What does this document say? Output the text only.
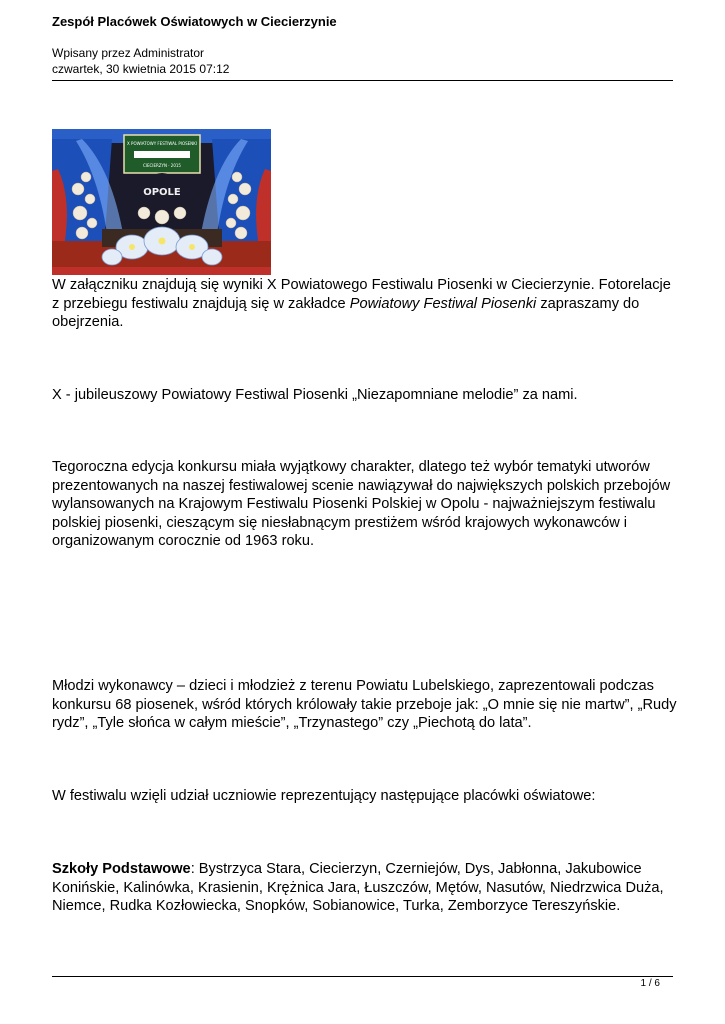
Zespół Placówek Oświatowych w Ciecierzynie
Wpisany przez Administrator
czwartek, 30 kwietnia 2015 07:12
X POWIATOWY FESTIWAL PIOSENKI
CIECIERZYN · 2015
OPOLE

W załączniku znajdują się wyniki X Powiatowego Festiwalu Piosenki w Ciecierzynie. Fotorelacje z przebiegu festiwalu znajdują się w zakładce Powiatowy Festiwal Piosenki zapraszamy do obejrzenia.

X - jubileuszowy Powiatowy Festiwal Piosenki „Niezapomniane melodie” za nami.

Tegoroczna edycja konkursu miała wyjątkowy charakter, dlatego też wybór tematyki utworów prezentowanych na naszej festiwalowej scenie nawiązywał do największych polskich przebojów wylansowanych na Krajowym Festiwalu Piosenki Polskiej w Opolu - najważniejszym festiwalu polskiej piosenki, cieszącym się niesłabnącym prestiżem wśród krajowych wykonawców i organizowanym corocznie od 1963 roku.

Młodzi wykonawcy – dzieci i młodzież z terenu Powiatu Lubelskiego, zaprezentowali podczas konkursu 68 piosenek, wśród których królowały takie przeboje jak: „O mnie się nie martw”, „Rudy rydz”, „Tyle słońca w całym mieście”, „Trzynastego” czy „Piechotą do lata”.

W festiwalu wzięli udział uczniowie reprezentujący następujące placówki oświatowe:

Szkoły Podstawowe: Bystrzyca Stara, Ciecierzyn, Czerniejów, Dys, Jabłonna, Jakubowice Konińskie, Kalinówka, Krasienin, Krężnica Jara, Łuszczów, Mętów, Nasutów, Niedrzwica Duża, Niemce, Rudka Kozłowiecka, Snopków, Sobianowice, Turka, Zemborzyce Tereszyńskie.

1 / 6
